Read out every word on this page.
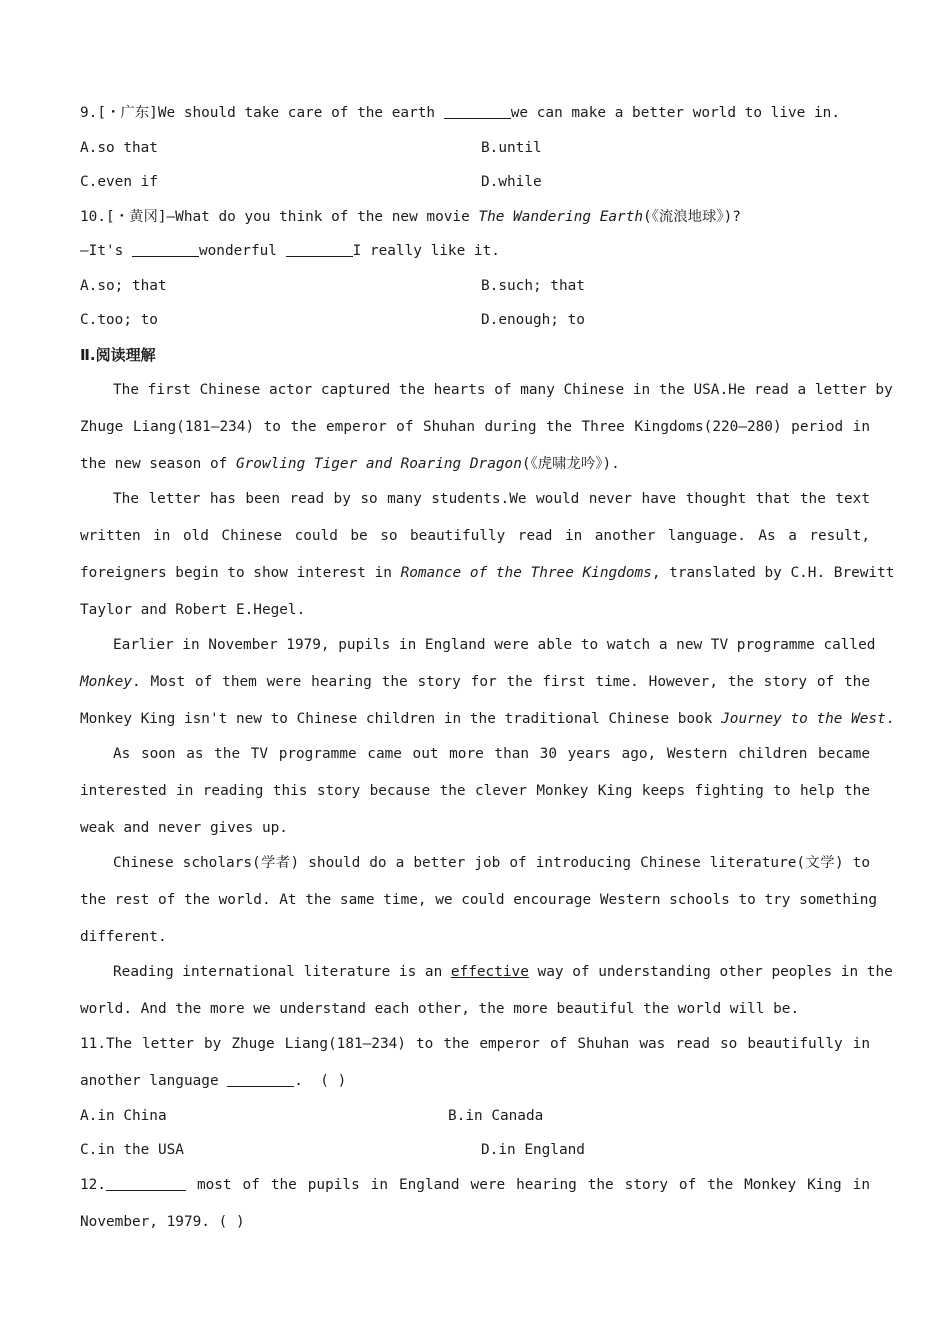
9.[・广东]We should take care of the earth	we can make a better world to live in.
A.so that	B.until
C.even if	D.while
10.[・黄冈]—What do you think of the new movie The Wandering Earth(《流浪地球》)?
—It's	wonderful	I really like it.
A.so; that	B.such; that
C.too; to	D.enough; to
Ⅱ.阅读理解
The first Chinese actor captured the hearts of many Chinese in the USA.He read a letter by
Zhuge Liang(181—234) to the emperor of Shuhan during the Three Kingdoms(220—280) period in
the new season of Growling Tiger and Roaring Dragon(《虎啸龙吟》).
The letter has been read by so many students.We would never have thought that the text
written in old Chinese could be so beautifully read in another language. As a result,
foreigners begin to show interest in Romance of the Three Kingdoms, translated by C.H. Brewitt
Taylor and Robert E.Hegel.
Earlier in November 1979, pupils in England were able to watch a new TV programme called
Monkey. Most of them were hearing the story for the first time. However, the story of the
Monkey King isn't new to Chinese children in the traditional Chinese book Journey to the West.
As soon as the TV programme came out more than 30 years ago, Western children became
interested in reading this story because the clever Monkey King keeps fighting to help the
weak and never gives up.
Chinese scholars(学者) should do a better job of introducing Chinese literature(文学) to
the rest of the world. At the same time, we could encourage Western schools to try something
different.
Reading international literature is an effective way of understanding other peoples in the
world. And the more we understand each other, the more beautiful the world will be.
11.The letter by Zhuge Liang(181—234) to the emperor of Shuhan was read so beautifully in
another language	. ( )
A.in China	B.in Canada
C.in the USA	D.in England
12.	most of the pupils in England were hearing the story of the Monkey King in
November, 1979. ( )
